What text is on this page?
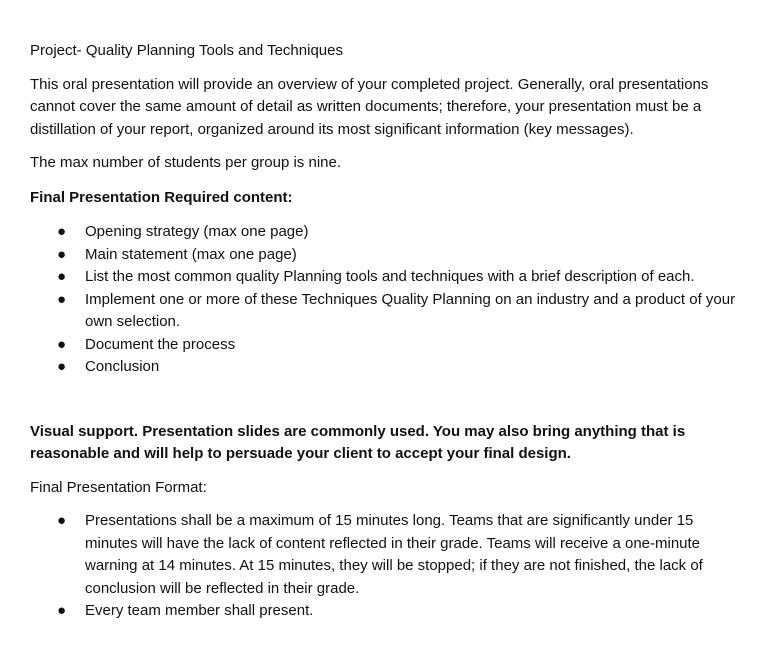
Project- Quality Planning Tools and Techniques

This oral presentation will provide an overview of your completed project. Generally, oral presentations cannot cover the same amount of detail as written documents; therefore, your presentation must be a distillation of your report, organized around its most significant information (key messages).

The max number of students per group is nine.

Final Presentation Required content:

● Opening strategy (max one page)
● Main statement (max one page)
● List the most common quality Planning tools and techniques with a brief description of each.
● Implement one or more of these Techniques Quality Planning on an industry and a product of your own selection.
● Document the process
● Conclusion

Visual support. Presentation slides are commonly used. You may also bring anything that is reasonable and will help to persuade your client to accept your final design.

Final Presentation Format:

● Presentations shall be a maximum of 15 minutes long. Teams that are significantly under 15 minutes will have the lack of content reflected in their grade. Teams will receive a one-minute warning at 14 minutes. At 15 minutes, they will be stopped; if they are not finished, the lack of conclusion will be reflected in their grade.
● Every team member shall present.
